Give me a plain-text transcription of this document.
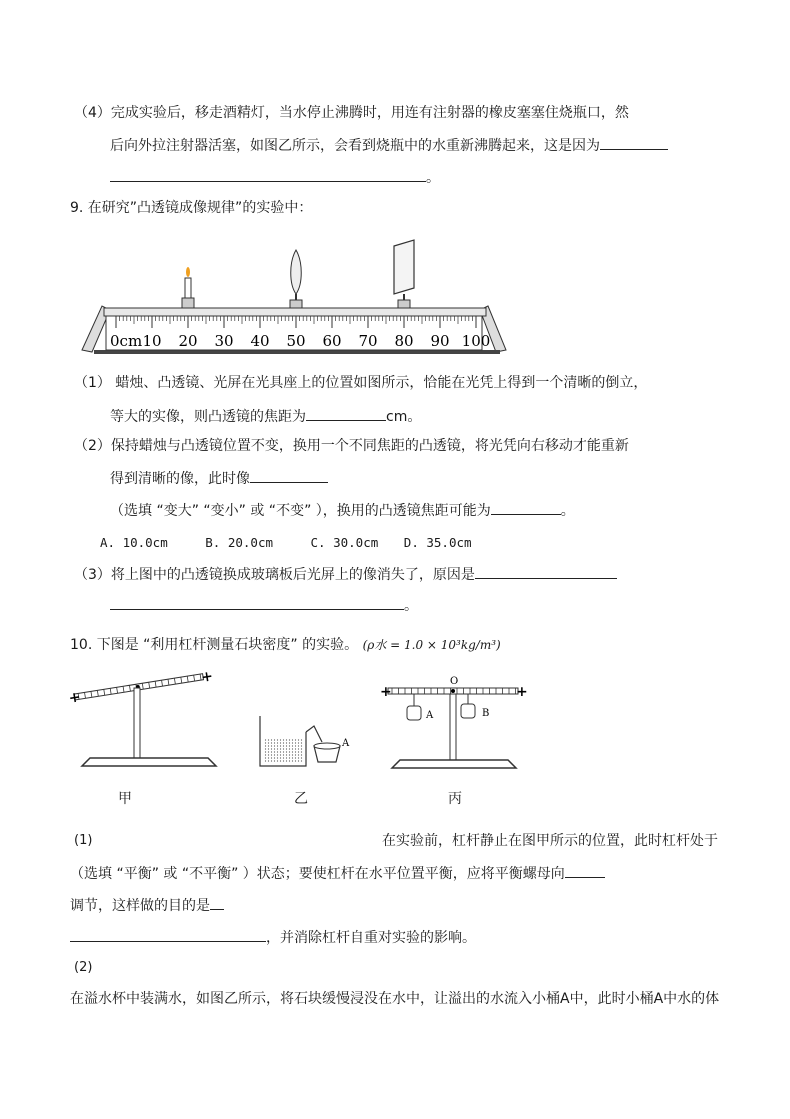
（4）完成实验后，移走酒精灯，当水停止沸腾时，用连有注射器的橡皮塞塞住烧瓶口，然
后向外拉注射器活塞，如图乙所示，会看到烧瓶中的水重新沸腾起来，这是因为
。
9. 在研究”凸透镜成像规律”的实验中：
0cm 10 20 30 40 50 60 70 80 90 100
（1） 蜡烛、凸透镜、光屏在光具座上的位置如图所示，恰能在光凭上得到一个清晰的倒立，
等大的实像，则凸透镜的焦距为	cm。
（2）保持蜡烛与凸透镜位置不变，换用一个不同焦距的凸透镜，将光凭向右移动才能重新
得到清晰的像，此时像
（选填 “变大” “变小” 或 “不变” ），换用的凸透镜焦距可能为	。
A. 10.0cm	B. 20.0cm	C. 30.0cm D. 35.0cm
（3）将上图中的凸透镜换成玻璃板后光屏上的像消失了，原因是
。
10. 下图是 “利用杠杆测量石块密度” 的实验。 (ρ水 = 1.0 × 10³kg/m³)
+
+
A
+	+
O
A	B
甲	乙	丙
(1)	在实验前，杠杆静止在图甲所示的位置，此时杠杆处于
（选填 “平衡” 或 “不平衡” ）状态；要使杠杆在水平位置平衡，应将平衡螺母向
调节，这样做的目的是
，并消除杠杆自重对实验的影响。
(2)
在溢水杯中装满水，如图乙所示，将石块缓慢浸没在水中，让溢出的水流入小桶A中，此时小桶A中水的体
